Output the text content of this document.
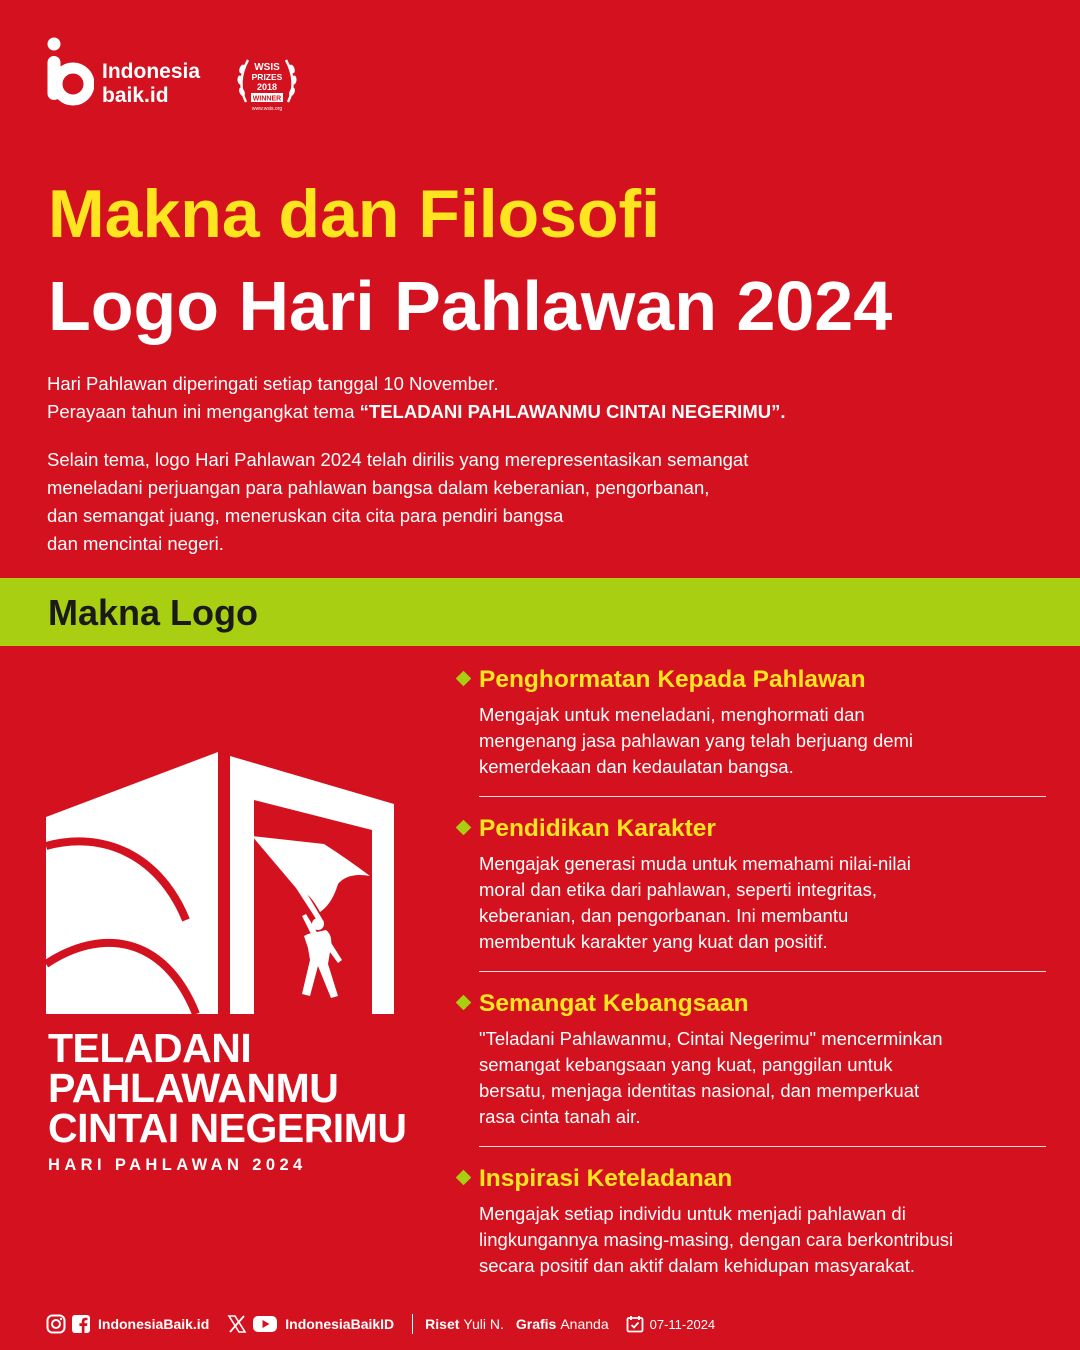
Indonesia
baik.id
WSIS
PRIZES
2018
WINNER
www.wsis.org
Makna dan Filosofi
Logo Hari Pahlawan 2024

Hari Pahlawan diperingati setiap tanggal 10 November.
Perayaan tahun ini mengangkat tema “TELADANI PAHLAWANMU CINTAI NEGERIMU”.

Selain tema, logo Hari Pahlawan 2024 telah dirilis yang merepresentasikan semangat
meneladani perjuangan para pahlawan bangsa dalam keberanian, pengorbanan,
dan semangat juang, meneruskan cita cita para pendiri bangsa
dan mencintai negeri.

Makna Logo
TELADANI
PAHLAWANMU
CINTAI NEGERIMU
HARI PAHLAWAN 2024
Penghormatan Kepada Pahlawan
Mengajak untuk meneladani, menghormati dan
mengenang jasa pahlawan yang telah berjuang demi
kemerdekaan dan kedaulatan bangsa.
Pendidikan Karakter
Mengajak generasi muda untuk memahami nilai-nilai
moral dan etika dari pahlawan, seperti integritas,
keberanian, dan pengorbanan. Ini membantu
membentuk karakter yang kuat dan positif.
Semangat Kebangsaan
"Teladani Pahlawanmu, Cintai Negerimu" mencerminkan
semangat kebangsaan yang kuat, panggilan untuk
bersatu, menjaga identitas nasional, dan memperkuat
rasa cinta tanah air.
Inspirasi Keteladanan
Mengajak setiap individu untuk menjadi pahlawan di
lingkungannya masing-masing, dengan cara berkontribusi
secara positif dan aktif dalam kehidupan masyarakat.
IndonesiaBaik.id	IndonesiaBaikID Riset Yuli N. Grafis Ananda	07-11-2024
